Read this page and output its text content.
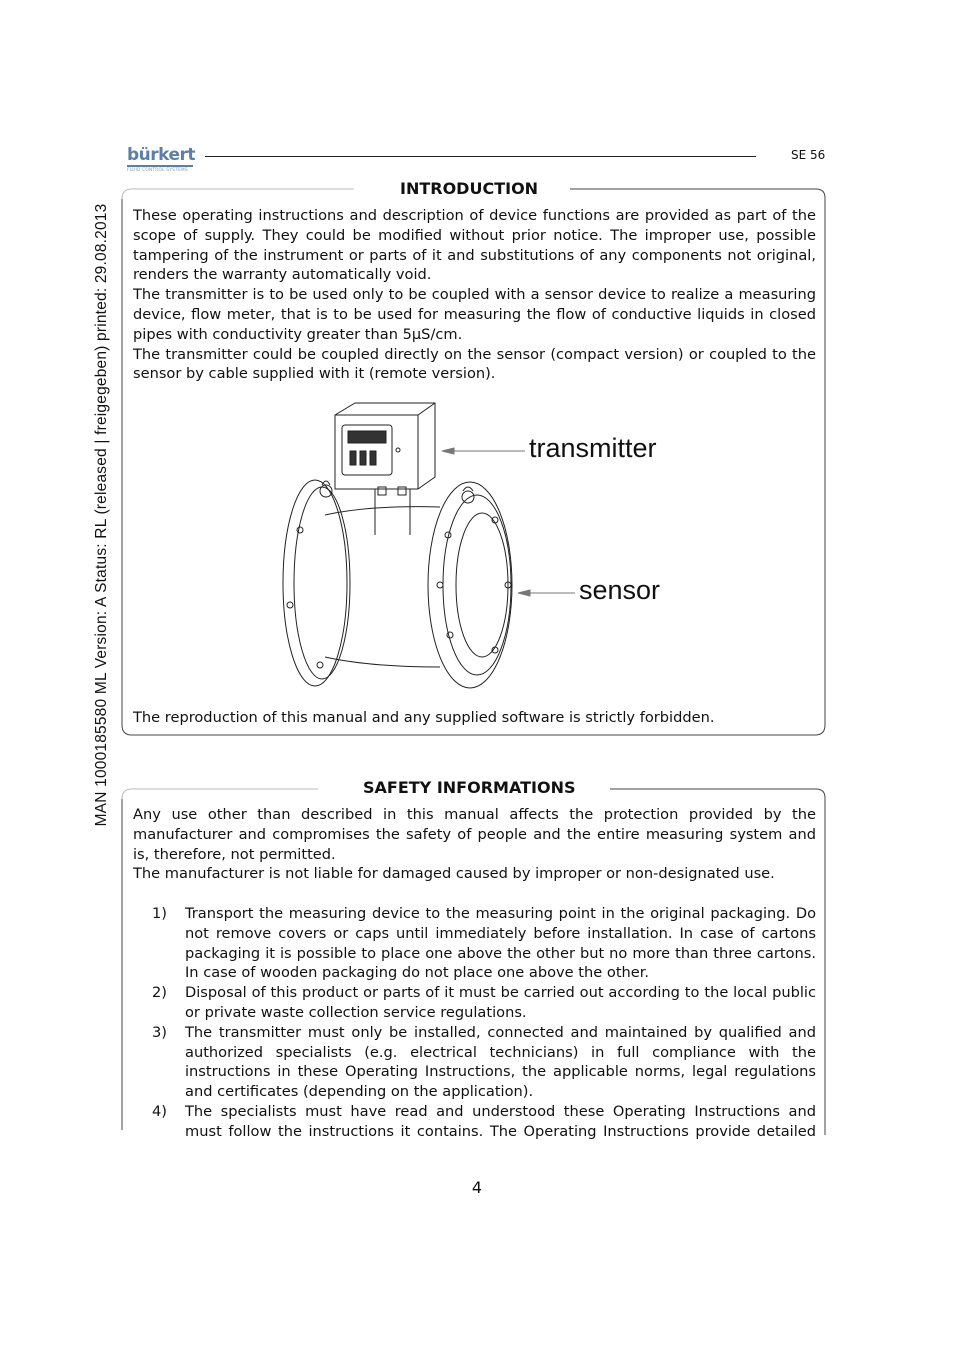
MAN 1000185580 ML Version: A Status: RL (released | freigegeben) printed: 29.08.2013
bürkert
FLUID CONTROL SYSTEMS
SE 56
INTRODUCTION

These operating instructions and description of device functions are provided as part of the scope of supply. They could be modified without prior notice. The improper use, possible tampering of the instrument or parts of it and substitutions of any components not original, renders the warranty automatically void.

The transmitter is to be used only to be coupled with a sensor device to realize a measuring device, flow meter, that is to be used for measuring the flow of conductive liquids in closed pipes with conductivity greater than 5µS/cm.

The transmitter could be coupled directly on the sensor (compact version) or coupled to the sensor by cable supplied with it (remote version).

transmitter
sensor
The reproduction of this manual and any supplied software is strictly forbidden.
SAFETY INFORMATIONS

Any use other than described in this manual affects the protection provided by the manufacturer and compromises the safety of people and the entire measuring system and is, therefore, not permitted.

The manufacturer is not liable for damaged caused by improper or non-designated use.

1) Transport the measuring device to the measuring point in the original packaging. Do not remove covers or caps until immediately before installation. In case of cartons packaging it is possible to place one above the other but no more than three cartons. In case of wooden packaging do not place one above the other.
2) Disposal of this product or parts of it must be carried out according to the local public or private waste collection service regulations.
3) The transmitter must only be installed, connected and maintained by qualified and authorized specialists (e.g. electrical technicians) in full compliance with the instructions in these Operating Instructions, the applicable norms, legal regulations and certificates (depending on the application).
4) The specialists must have read and understood these Operating Instructions and must follow the instructions it contains. The Operating Instructions provide detailed
4
